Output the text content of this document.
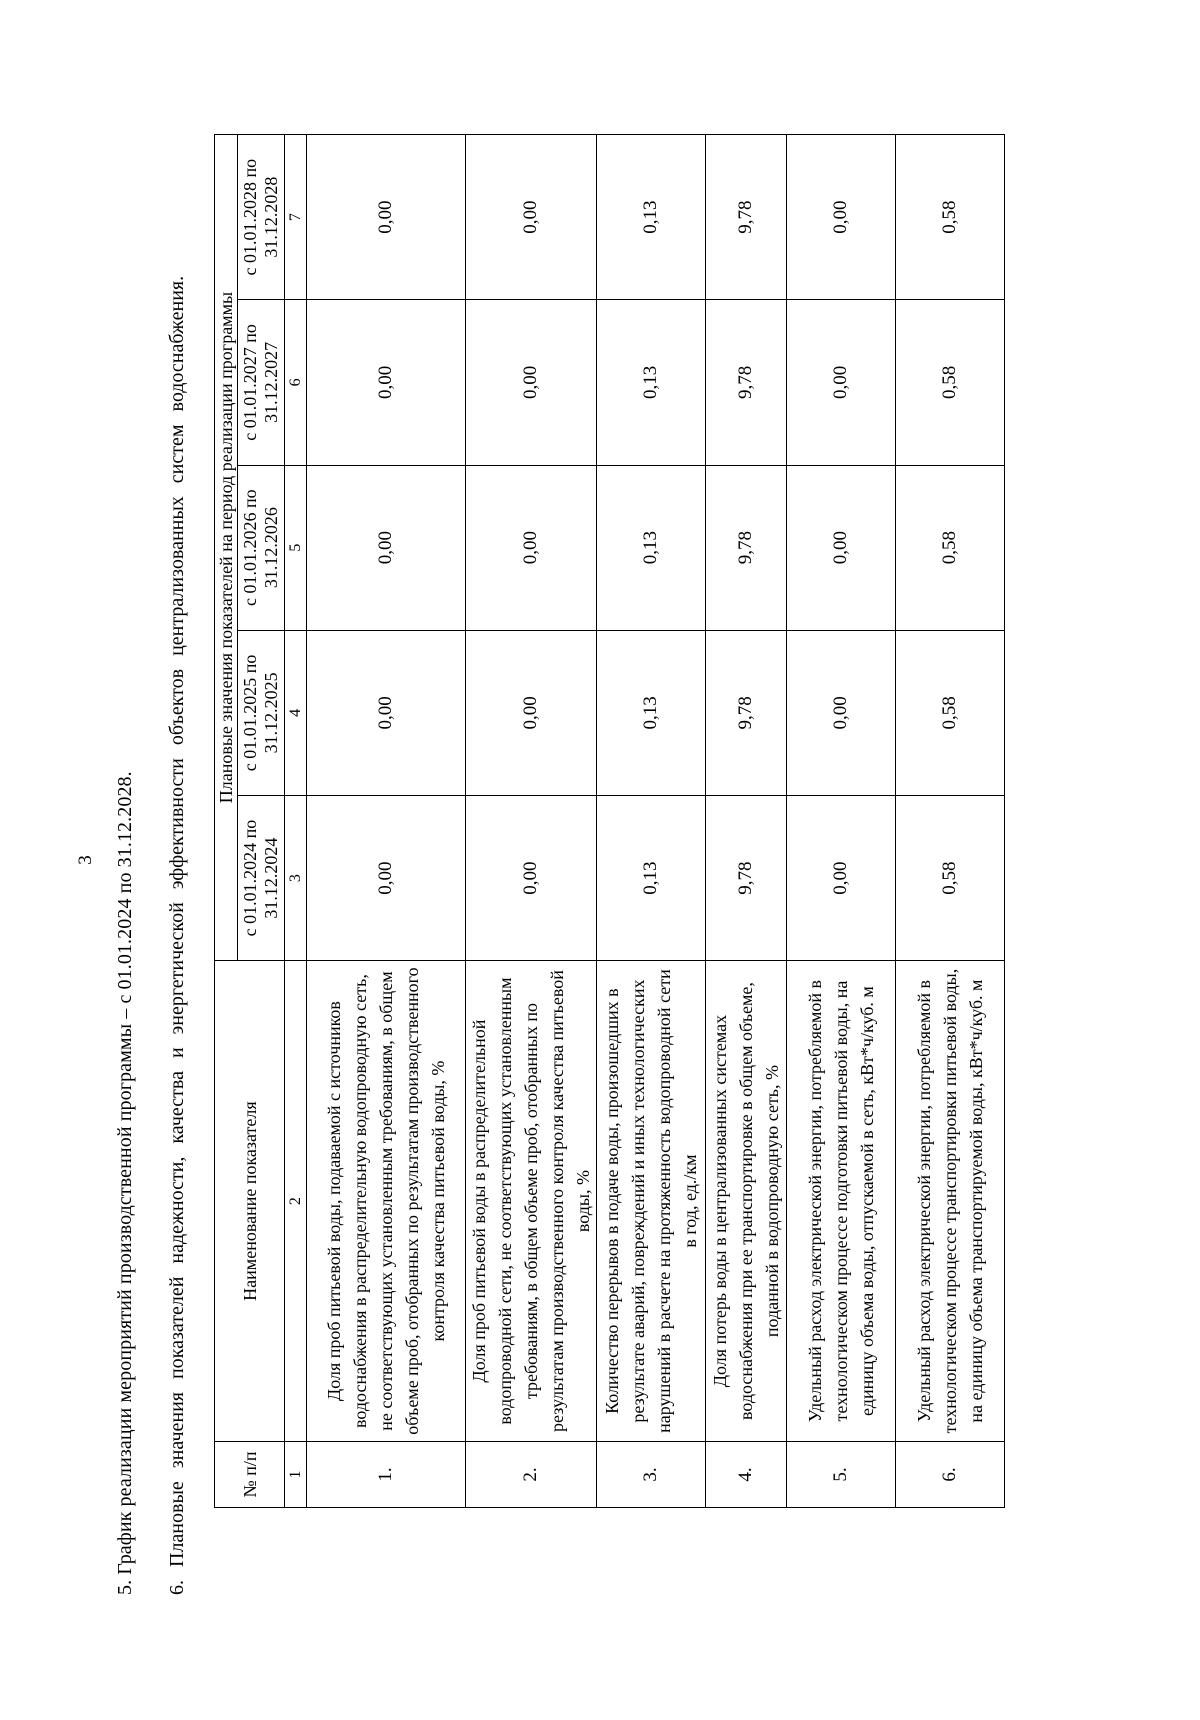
3 5. График реализации мероприятий производственной программы – с 01.01.2024 по 31.12.2028. 6. Плановые значения показателей надежности, качества и энергетической эффективности объектов централизованных систем водоснабжения.	№ п/п	Наименование показателя	Плановые значения показателей на период реализации программы				
		с 01.01.2024 по 31.12.2024	с 01.01.2025 по 31.12.2025	с 01.01.2026 по 31.12.2026	с 01.01.2027 по 31.12.2027	с 01.01.2028 по 31.12.2028
1	2	3	4	5	6	7
1.	Доля проб питьевой воды, подаваемой с источников водоснабжения в распределительную водопроводную сеть, не соответствующих установленным требованиям, в общем объеме проб, отобранных по результатам производственного контроля качества питьевой воды, %	0,00	0,00	0,00	0,00	0,00
2.	Доля проб питьевой воды в распределительной водопроводной сети, не соответствующих установленным требованиям, в общем объеме проб, отобранных по результатам производственного контроля качества питьевой воды, %	0,00	0,00	0,00	0,00	0,00
3.	Количество перерывов в подаче воды, произошедших в результате аварий, повреждений и иных технологических нарушений в расчете на протяженность водопроводной сети в год, ед./км	0,13	0,13	0,13	0,13	0,13
4.	Доля потерь воды в централизованных системах водоснабжения при ее транспортировке в общем объеме, поданной в водопроводную сеть, %	9,78	9,78	9,78	9,78	9,78
5.	Удельный расход электрической энергии, потребляемой в технологическом процессе подготовки питьевой воды, на единицу объема воды, отпускаемой в сеть, кВт*ч/куб. м	0,00	0,00	0,00	0,00	0,00
6.	Удельный расход электрической энергии, потребляемой в технологическом процессе транспортировки питьевой воды, на единицу объема транспортируемой воды, кВт*ч/куб. м	0,58	0,58	0,58	0,58	0,58
